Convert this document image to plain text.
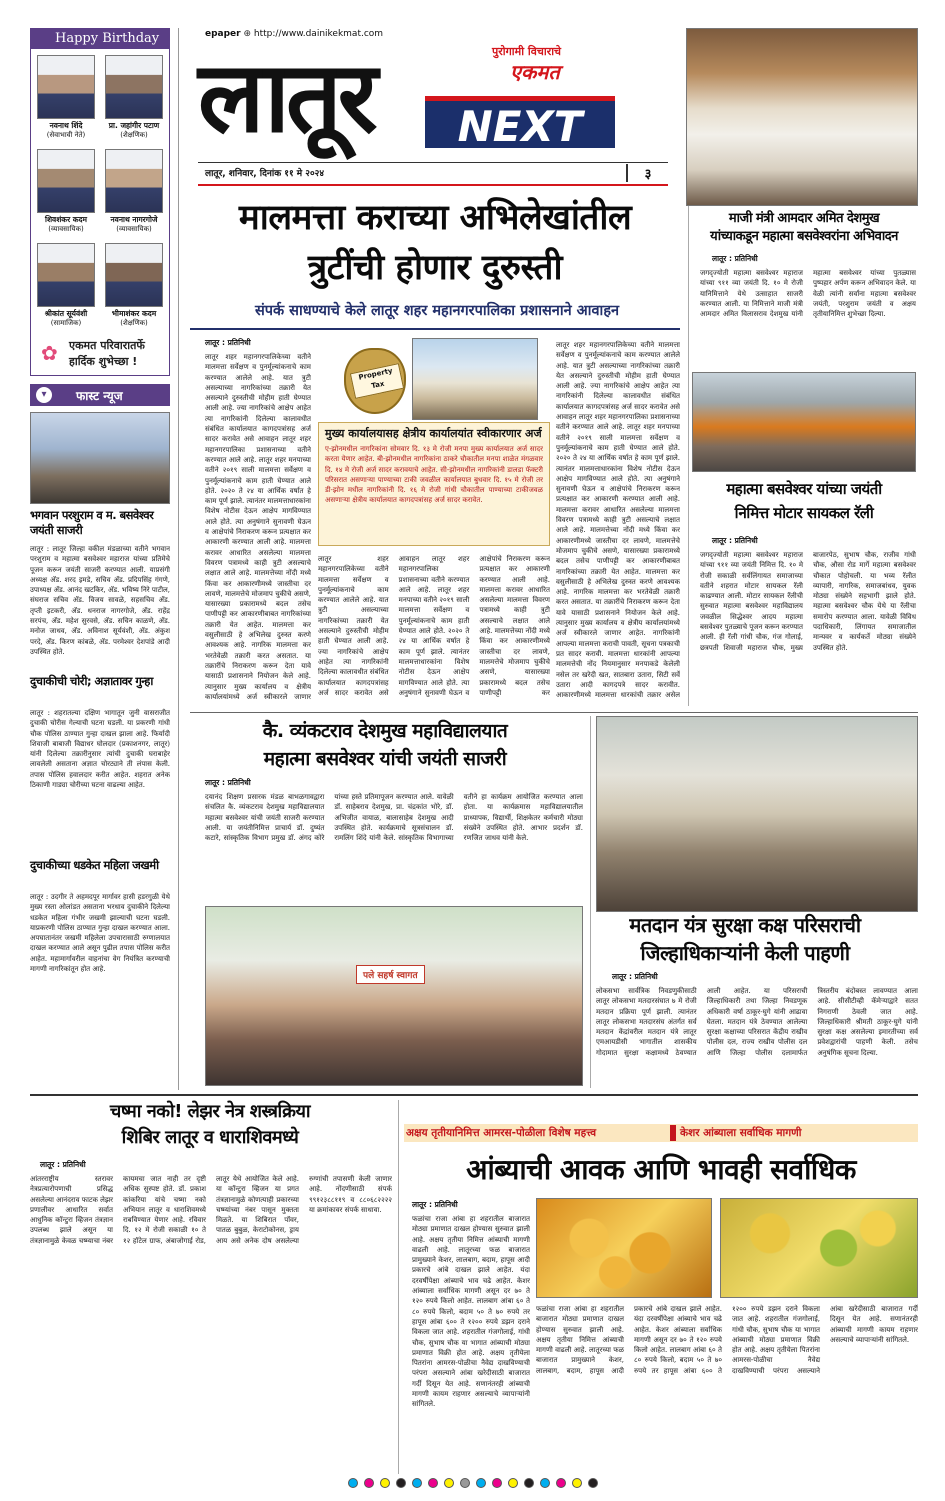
Happy Birthday
नवनाथ शिंदे
(सेवाभावी नेते)
प्रा. जहांगीर पटाण
(शैक्षणिक)
शिवशंकर कदम
(व्यावसायिक)
नवनाथ नागरगोजे
(व्यावसायिक)
श्रीकांत सूर्यवंशी
(सामाजिक)
भीमाशंकर कदम
(शैक्षणिक)
✿ एकमत परिवारातर्फे
हार्दिक शुभेच्छा !
▾	फास्ट न्यूज
भगवान परशुराम व म. बसवेश्वर जयंती साजरी
लातूर : लातूर जिल्हा वकील मंडळाच्या वतीने भगवान परशुराम व महात्मा बसवेश्वर महाराज यांच्या प्रतिमेचे पूजन करून जयंती साजरी करण्यात आली. याप्रसंगी अध्यक्ष अ‍ॅड. शरद इमडे, सचिव अ‍ॅड. प्रदिपसिंह गंगणे, उपाध्यक्ष अ‍ॅड. आनंद खटकिर, अ‍ॅड. भविष्य निरे पाटील, संघराज सचिव अ‍ॅड. विजय सावळे, सहसचिव अ‍ॅड. तृप्ती इटकरी, अ‍ॅड. धनराज नागरगोजे, अ‍ॅड. राहेंद्र सरपंच, अ‍ॅड. महेश सुरवसे, अ‍ॅड. सचिन काळणे, अ‍ॅड. मनोज जाधव, अ‍ॅड. अविनाश सूर्यवंशी, अ‍ॅड. अंकुश परदे, अ‍ॅड. किरण कांबळे, अ‍ॅड. परमेश्वर देशपांडे आदी उपस्थित होते.
दुचाकीची चोरी; अज्ञातावर गुन्हा
लातूर : शहरातल्या दक्षिण भागातून जुनी वासराजीत दुचाकी चोरीस गेल्याची घटना घडली. या प्रकरणी गांधी चौक पोलिस ठाण्यात गुन्हा दाखल झाला आहे. फिर्यादी शिवाजी बाबाजी विद्याधर घोलदार (प्रकाशनगर, लातूर) यांनी दिलेल्या तक्रारीनुसार त्यांची दुचाकी घराबाहेर लावलेली असताना अज्ञात चोरट्याने ती लंपास केली. तपास पोलिस हवालदार करीत आहेत. शहरात अनेक ठिकाणी गाड्या चोरीच्या घटना वाढल्या आहेत.
दुचाकीच्या धडकेत महिला जखमी
लातूर : उदगीर ते अहमदपूर मार्गावर हासी हडरगुळी येथे मुख्य रस्ता ओलांडत असताना भरधाव दुचाकीने दिलेल्या धडकेत महिला गंभीर जखमी झाल्याची घटना घडली. याप्रकरणी पोलिस ठाण्यात गुन्हा दाखल करण्यात आला. अपघातानंतर जखमी महिलेला उपचारासाठी रुग्णालयात दाखल करण्यात आले असून पुढील तपास पोलिस करीत आहेत. महामार्गावरील वाहनांचा वेग नियंत्रित करण्याची मागणी नागरिकांतून होत आहे.
epaper ⊕ http://www.dainikekmat.com
पुरोगामी विचाराचे
एकमत
लातूर	NEXT
लातूर, शनिवार, दिनांक ११ मे २०२४	३
मालमत्ता कराच्या अभिलेखांतील
त्रुटींची होणार दुरुस्ती
संपर्क साधण्याचे केले लातूर शहर महानगरपालिका प्रशासनाने आवाहन
लातूर : प्रतिनिधी
Property
Tax
मुख्य कार्यालयासह क्षेत्रीय कार्यालयांत स्वीकारणार अर्ज
ए-झोनमधील नागरिकांना सोमवार दि. १३ मे रोजी मनपा मुख्य कार्यालयात अर्ज सादर करता येणार आहेत. बी-झोनमधील नागरिकांना ठाकरे चौकातील मनपा शाळेत मंगळवार दि. १४ मे रोजी अर्ज सादर करावयाचे आहेत. सी-झोनमधील नागरिकांनी डालडा फॅक्टरी परिसरात असणाऱ्या पाण्याच्या टाकी जवळील कार्यालयात बुधवार दि. १५ मे रोजी तर डी-झोन मधील नागरिकांनी दि. १६ मे रोजी गांधी चौकातील पाण्याच्या टाकीजवळ असणाऱ्या क्षेत्रीय कार्यालयात कागदपत्रांसह अर्ज सादर करावेत.
लातूर शहर महानगरपालिकेच्या वतीने मालमत्ता सर्वेक्षण व पुनर्मूल्यांकनाचे काम करण्यात आलेले आहे. यात त्रुटी असल्याच्या नागरिकांच्या तक्रारी येत असल्याने दुरुस्तीची मोहीम हाती घेण्यात आली आहे. ज्या नागरिकांचे आक्षेप आहेत त्या नागरिकांनी दिलेल्या कालावधीत संबंधित कार्यालयात कागदपत्रांसह अर्ज सादर करावेत असे आवाहन लातूर शहर महानगरपालिका प्रशासनाच्या वतीने करण्यात आले आहे. लातूर शहर मनपाच्या वतीने २०१९ साली मालमत्ता सर्वेक्षण व पुनर्मूल्यांकनाचे काम हाती घेण्यात आले होते. २०२० ते २४ या आर्थिक वर्षात हे काम पूर्ण झाले. त्यानंतर मालमत्ताधारकांना विशेष नोटीस देऊन आक्षेप मागविण्यात आले होते. त्या अनुषंगाने सुनावणी घेऊन व आक्षेपांचे निराकरण करून प्रत्यक्षात कर आकारणी करण्यात आली आहे. मालमत्ता करावर आधारित असलेल्या मालमत्ता विवरण पत्रामध्ये काही त्रुटी असल्याचे लक्षात आले आहे. मालमत्तेच्या नोंदी मध्ये किंवा कर आकारणीमध्ये जास्तीचा दर लावणे, मालमत्तेचे मोजमाप चुकीचे असणे, यासारख्या प्रकारामध्ये बदल तसेच पाणीपट्टी कर आकारणीबाबत नागरिकांच्या तक्रारी येत आहेत. मालमत्ता कर वसुलीसाठी हे अभिलेख दुरुस्त करणे आवश्यक आहे. नागरिक मालमत्ता कर भरतेवेळी तक्रारी करत असतात. या तक्रारींचे निराकरण करून देता यावे यासाठी प्रशासनाने नियोजन केले आहे. त्यानुसार मुख्य कार्यालय व क्षेत्रीय कार्यालयांमध्ये अर्ज स्वीकारले जाणार
लातूर शहर महानगरपालिकेच्या वतीने मालमत्ता सर्वेक्षण व पुनर्मूल्यांकनाचे काम करण्यात आलेले आहे. यात त्रुटी असल्याच्या नागरिकांच्या तक्रारी येत असल्याने दुरुस्तीची मोहीम हाती घेण्यात आली आहे. ज्या नागरिकांचे आक्षेप आहेत त्या नागरिकांनी दिलेल्या कालावधीत संबंधित कार्यालयात कागदपत्रांसह अर्ज सादर करावेत असे आवाहन लातूर शहर महानगरपालिका प्रशासनाच्या वतीने करण्यात आले आहे. लातूर शहर मनपाच्या वतीने २०१९ साली मालमत्ता सर्वेक्षण व पुनर्मूल्यांकनाचे काम हाती घेण्यात आले होते. २०२० ते २४ या आर्थिक वर्षात हे काम पूर्ण झाले. त्यानंतर मालमत्ताधारकांना विशेष नोटीस देऊन आक्षेप मागविण्यात आले होते. त्या अनुषंगाने सुनावणी घेऊन व आक्षेपांचे निराकरण करून प्रत्यक्षात कर आकारणी करण्यात आली आहे. मालमत्ता करावर आधारित असलेल्या मालमत्ता विवरण पत्रामध्ये काही त्रुटी असल्याचे लक्षात आले आहे. मालमत्तेच्या नोंदी मध्ये किंवा कर आकारणीमध्ये जास्तीचा दर लावणे, मालमत्तेचे मोजमाप चुकीचे असणे, यासारख्या प्रकारामध्ये बदल तसेच पाणीपट्टी कर
लातूर शहर महानगरपालिकेच्या वतीने मालमत्ता सर्वेक्षण व पुनर्मूल्यांकनाचे काम करण्यात आलेले आहे. यात त्रुटी असल्याच्या नागरिकांच्या तक्रारी येत असल्याने दुरुस्तीची मोहीम हाती घेण्यात आली आहे. ज्या नागरिकांचे आक्षेप आहेत त्या नागरिकांनी दिलेल्या कालावधीत संबंधित कार्यालयात कागदपत्रांसह अर्ज सादर करावेत असे आवाहन लातूर शहर महानगरपालिका प्रशासनाच्या वतीने करण्यात आले आहे. लातूर शहर मनपाच्या वतीने २०१९ साली मालमत्ता सर्वेक्षण व पुनर्मूल्यांकनाचे काम हाती घेण्यात आले होते. २०२० ते २४ या आर्थिक वर्षात हे काम पूर्ण झाले. त्यानंतर मालमत्ताधारकांना विशेष नोटीस देऊन आक्षेप मागविण्यात आले होते. त्या अनुषंगाने सुनावणी घेऊन व आक्षेपांचे निराकरण करून प्रत्यक्षात कर आकारणी करण्यात आली आहे. मालमत्ता करावर आधारित असलेल्या मालमत्ता विवरण पत्रामध्ये काही त्रुटी असल्याचे लक्षात आले आहे. मालमत्तेच्या नोंदी मध्ये किंवा कर आकारणीमध्ये जास्तीचा दर लावणे, मालमत्तेचे मोजमाप चुकीचे असणे, यासारख्या प्रकारामध्ये बदल तसेच पाणीपट्टी कर आकारणीबाबत नागरिकांच्या तक्रारी येत आहेत. मालमत्ता कर वसुलीसाठी हे अभिलेख दुरुस्त करणे आवश्यक आहे. नागरिक मालमत्ता कर भरतेवेळी तक्रारी करत असतात. या तक्रारींचे निराकरण करून देता यावे यासाठी प्रशासनाने नियोजन केले आहे. त्यानुसार मुख्य कार्यालय व क्षेत्रीय कार्यालयांमध्ये अर्ज स्वीकारले जाणार आहेत. नागरिकांनी आपल्या मालमत्ता कराची पावती, सूचना पत्रकाची प्रत सादर करावी. मालमत्ता धारकांनी आपल्या मालमत्तेची नोंद नियमानुसार मनपाकडे केलेली नसेल तर खरेदी खत, सातबारा उतारा, सिटी सर्वे उतारा आदी कागदपत्रे सादर करावीत. आकारणीमध्ये मालमत्ता धारकांची तक्रार असेल
माजी मंत्री आमदार अमित देशमुख
यांच्याकडून महात्मा बसवेश्वरांना अभिवादन
लातूर : प्रतिनिधी
जगद्‌ज्योती महात्मा बसवेश्वर महाराज यांच्या ९११ व्या जयंती दि. १० मे रोजी यानिमित्ताने येथे उत्साहात साजरी करण्यात आली. या निमित्ताने माजी मंत्री आमदार अमित विलासराव देशमुख यांनी महात्मा बसवेश्वर यांच्या पुतळ्यास पुष्पहार अर्पण करून अभिवादन केले. या वेळी त्यांनी सर्वांना महात्मा बसवेश्वर जयंती, परशुराम जयंती व अक्षय तृतीयानिमित्त शुभेच्छा दिल्या.
महात्मा बसवेश्वर यांच्या जयंती
निमित्त मोटार सायकल रॅली
लातूर : प्रतिनिधी
जगद्‌ज्योती महात्मा बसवेश्वर महाराज यांच्या ९११ व्या जयंती निमित्त दि. १० मे रोजी सकाळी सर्वलिंगायत समाजाच्या वतीने शहरात मोटार सायकल रॅली काढण्यात आली. मोटार सायकल रॅलीची सुरुवात महात्मा बसवेश्वर महाविद्यालय जवळील सिद्धेश्वर आदय महात्मा बसवेश्वर पुतळ्याचे पूजन करून करण्यात आली. ही रॅली गांधी चौक, गंज गोलाई, छत्रपती शिवाजी महाराज चौक, मुख्य बाजारपेठ, सुभाष चौक, राजीव गांधी चौक, औसा रोड मार्गे महात्मा बसवेश्वर चौकात पोहोचली. या भव्य रॅलीत व्यापारी, नागरिक, समाजबांधव, युवक मोठ्या संख्येने सहभागी झाले होते. महात्मा बसवेश्वर चौक येथे या रॅलीचा समारोप करण्यात आला. यावेळी विविध पदाधिकारी, लिंगायत समाजातील मान्यवर व कार्यकर्ते मोठ्या संख्येने उपस्थित होते.
कै. व्यंकटराव देशमुख महाविद्यालयात
महात्मा बसवेश्वर यांची जयंती साजरी
लातूर : प्रतिनिधी
दयानंद शिक्षण प्रसारक मंडळ बाभळगावद्वारा संचलित कै. व्यंकटराव देशमुख महाविद्यालयात महात्मा बसवेश्वर यांची जयंती साजरी करण्यात आली. या जयंतीनिमित्त प्राचार्य डॉ. दुष्यंत कटारे, सांस्कृतिक विभाग प्रमुख डॉ. अंगद कोरे यांच्या हस्ते प्रतिमापूजन करण्यात आले. यावेळी डॉ. साहेबराव देशमुख, प्रा. चंद्रकांत भोरे, डॉ. अभिजीत वायाळ, बालासाहेब देशमुख आदी उपस्थित होते. कार्यक्रमाचे सूत्रसंचालन डॉ. रामलिंग शिंदे यांनी केले. सांस्कृतिक विभागाच्या वतीने हा कार्यक्रम आयोजित करण्यात आला होता. या कार्यक्रमास महाविद्यालयातील प्राध्यापक, विद्यार्थी, शिक्षकेतर कर्मचारी मोठ्या संख्येने उपस्थित होते. आभार प्रदर्शन डॉ. रणजित जाधव यांनी केले.
पले सहर्ष स्वागत
मतदान यंत्र सुरक्षा कक्ष परिसराची
जिल्हाधिकाऱ्यांनी केली पाहणी
लातूर : प्रतिनिधी
लोकसभा सार्वत्रिक निवडणुकीसाठी लातूर लोकसभा मतदारसंघात ७ मे रोजी मतदान प्रक्रिया पूर्ण झाली. त्यानंतर लातूर लोकसभा मतदारसंघ अंतर्गत सर्व मतदान केंद्रांवरील मतदान यंत्रे लातूर एमआयडीसी भागातील शासकीय गोदामात सुरक्षा कक्षामध्ये ठेवण्यात आली आहेत. या परिसराची जिल्हाधिकारी तथा जिल्हा निवडणूक अधिकारी वर्षा ठाकूर-घुगे यांनी आढावा घेतला. मतदान यंत्रे ठेवण्यात आलेल्या सुरक्षा कक्षाच्या परिसरात केंद्रीय राखीव पोलीस दल, राज्य राखीव पोलीस दल आणि जिल्हा पोलीस दलामार्फत त्रिस्तरीय बंदोबस्त लावण्यात आला आहे. सीसीटीव्ही कॅमेऱ्याद्वारे सतत निगराणी ठेवली जात आहे. जिल्हाधिकारी श्रीमती ठाकूर-घुगे यांनी सुरक्षा कक्ष असलेल्या इमारतीच्या सर्व प्रवेशद्वारांची पाहणी केली. तसेच अनुषंगिक सूचना दिल्या.
चष्मा नको! लेझर नेत्र शस्त्रक्रिया
शिबिर लातूर व धाराशिवमध्ये
लातूर : प्रतिनिधी
आंतरराष्ट्रीय स्तरावर नेत्रप्रत्यारोपणाची प्रसिद्ध असलेल्या आनंदराव फाटक लेझर प्रणालीवर आधारित सर्वात आधुनिक कॉन्टुरा व्हिजन तंत्रज्ञान उपलब्ध झाले असून या तंत्रज्ञानामुळे केवळ चष्म्याचा नंबर कायमचा जात नाही तर दृष्टी अधिक सुस्पष्ट होते. डॉ. प्रकाश कांकरिया यांचे चष्मा नको अभियान लातूर व धाराशिवमध्ये राबविण्यात येणार आहे. रविवार दि. १२ मे रोजी सकाळी १० ते १२ हॉटेल ग्राफ, अंबाजोगाई रोड, लातूर येथे आयोजित केले आहे. या कॉन्टुरा व्हिजन या प्रगत तंत्रज्ञानामुळे कोणत्याही प्रकारच्या चष्म्यांच्या नंबर पासून मुक्तता मिळते. या शिबिरात पॉवर, पातळ बुबुळ, केराटोकोनस, ड्राय आय असे अनेक दोष असलेल्या रुग्णांची तपासणी केली जाणार आहे. नोंदणीसाठी संपर्क ९९१२३८८११९ व ८८०६८२२२२ या क्रमांकावर संपर्क साधावा.
अक्षय तृतीयानिमित्त आमरस-पोळीला विशेष महत्त्व	केशर आंब्याला सर्वाधिक मागणी
आंब्याची आवक आणि भावही सर्वाधिक
लातूर : प्रतिनिधी
फळांचा राजा आंबा हा शहरातील बाजारात मोठ्या प्रमाणात दाखल होण्यास सुरुवात झाली आहे. अक्षय तृतीया निमित्त आंब्याची मागणी वाढली आहे. लातूरच्या फळ बाजारात प्रामुख्याने केशर, लालबाग, बदाम, हापूस आदी प्रकारचे आंबे दाखल झाले आहेत. यंदा दरवर्षीपेक्षा आंब्याचे भाव चढे आहेत. केशर आंब्याला सर्वाधिक मागणी असून दर ७० ते १२० रुपये किलो आहेत. लालबाग आंबा ६० ते ८० रुपये किलो, बदाम ५० ते ७० रुपये तर हापूस आंबा ६०० ते १२०० रुपये डझन दराने विकला जात आहे. शहरातील गंजगोलाई, गांधी चौक, सुभाष चौक या भागात आंब्याची मोठ्या प्रमाणात विक्री होत आहे. अक्षय तृतीयेला पितरांना आमरस-पोळीचा नैवेद्य दाखविण्याची परंपरा असल्याने आंबा खरेदीसाठी बाजारात गर्दी दिसून येत आहे. सणानंतरही आंब्याची मागणी कायम राहणार असल्याचे व्यापाऱ्यांनी सांगितले.
फळांचा राजा आंबा हा शहरातील बाजारात मोठ्या प्रमाणात दाखल होण्यास सुरुवात झाली आहे. अक्षय तृतीया निमित्त आंब्याची मागणी वाढली आहे. लातूरच्या फळ बाजारात प्रामुख्याने केशर, लालबाग, बदाम, हापूस आदी प्रकारचे आंबे दाखल झाले आहेत. यंदा दरवर्षीपेक्षा आंब्याचे भाव चढे आहेत. केशर आंब्याला सर्वाधिक मागणी असून दर ७० ते १२० रुपये किलो आहेत. लालबाग आंबा ६० ते ८० रुपये किलो, बदाम ५० ते ७० रुपये तर हापूस आंबा ६०० ते १२०० रुपये डझन दराने विकला जात आहे. शहरातील गंजगोलाई, गांधी चौक, सुभाष चौक या भागात आंब्याची मोठ्या प्रमाणात विक्री होत आहे. अक्षय तृतीयेला पितरांना आमरस-पोळीचा नैवेद्य दाखविण्याची परंपरा असल्याने आंबा खरेदीसाठी बाजारात गर्दी दिसून येत आहे. सणानंतरही आंब्याची मागणी कायम राहणार असल्याचे व्यापाऱ्यांनी सांगितले.
